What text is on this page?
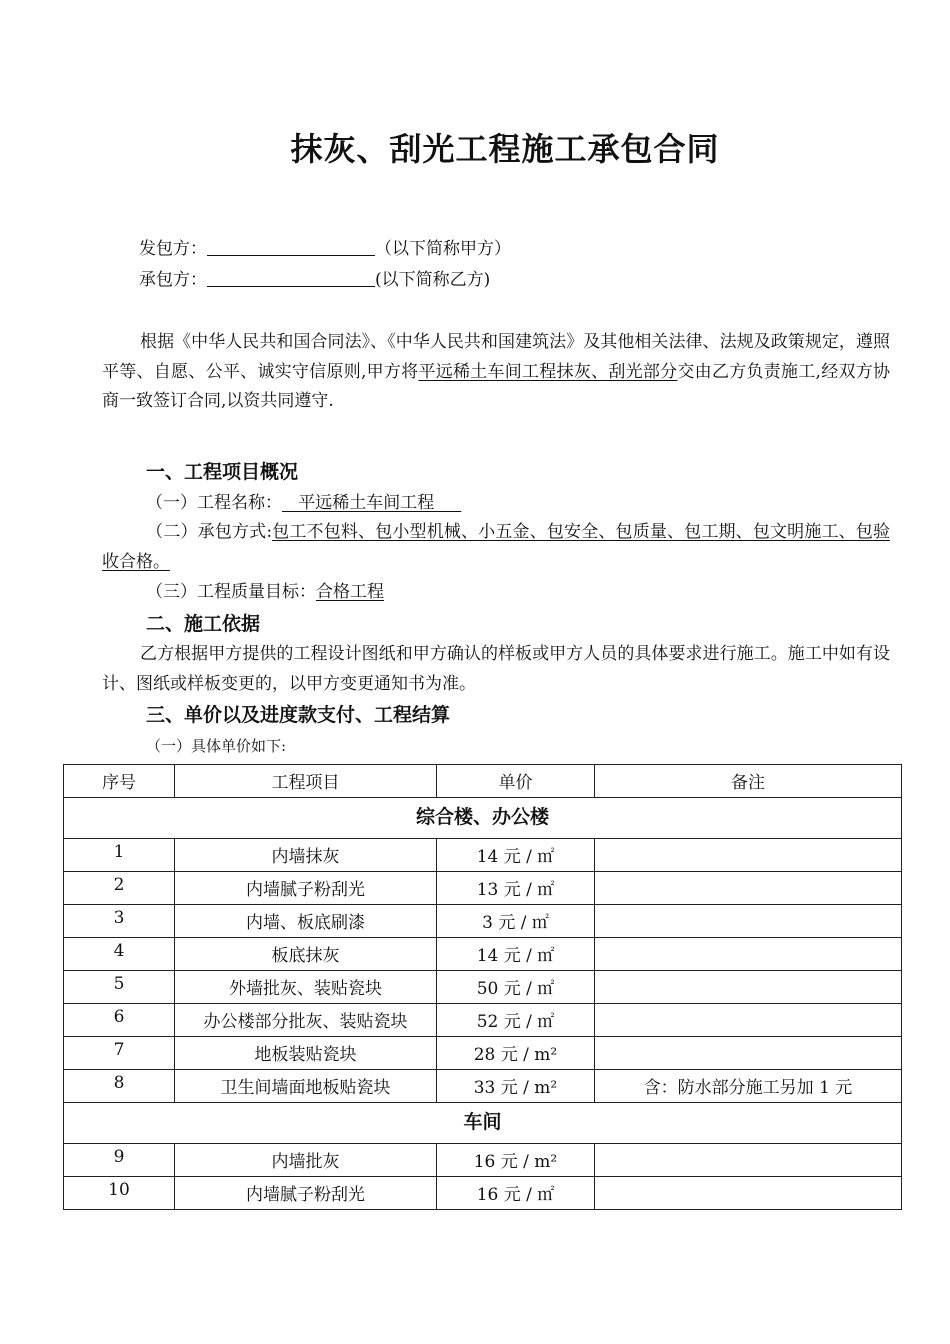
抹灰、刮光工程施工承包合同
发包方：	（以下简称甲方）
承包方：	(以下简称乙方)
根据《中华人民共和国合同法》、《中华人民共和国建筑法》及其他相关法律、法规及政策规定，遵照平等、自愿、公平、诚实守信原则,甲方将平远稀土车间工程抹灰、刮光部分交由乙方负责施工,经双方协商一致签订合同,以资共同遵守.
一、工程项目概况
（一）工程名称：   平远稀土车间工程
（二）承包方式:包工不包料、包小型机械、小五金、包安全、包质量、包工期、包文明施工、包验收合格。
（三）工程质量目标：合格工程
二、施工依据
乙方根据甲方提供的工程设计图纸和甲方确认的样板或甲方人员的具体要求进行施工。施工中如有设计、图纸或样板变更的，以甲方变更通知书为准。
三、单价以及进度款支付、工程结算
（一）具体单价如下:
序号	工程项目	单价	备注
综合楼、办公楼			
1	内墙抹灰	14 元 / ㎡	
2	内墙腻子粉刮光	13 元 / ㎡	
3	内墙、板底刷漆	3 元 / ㎡	
4	板底抹灰	14 元 / ㎡	
5	外墙批灰、装贴瓷块	50 元 / ㎡	
6	办公楼部分批灰、装贴瓷块	52 元 / ㎡	
7	地板装贴瓷块	28 元 / m²	
8	卫生间墙面地板贴瓷块	33 元 / m²	含：防水部分施工另加 1 元
车间			
9	内墙批灰	16 元 / m²	
10	内墙腻子粉刮光	16 元 / ㎡	
